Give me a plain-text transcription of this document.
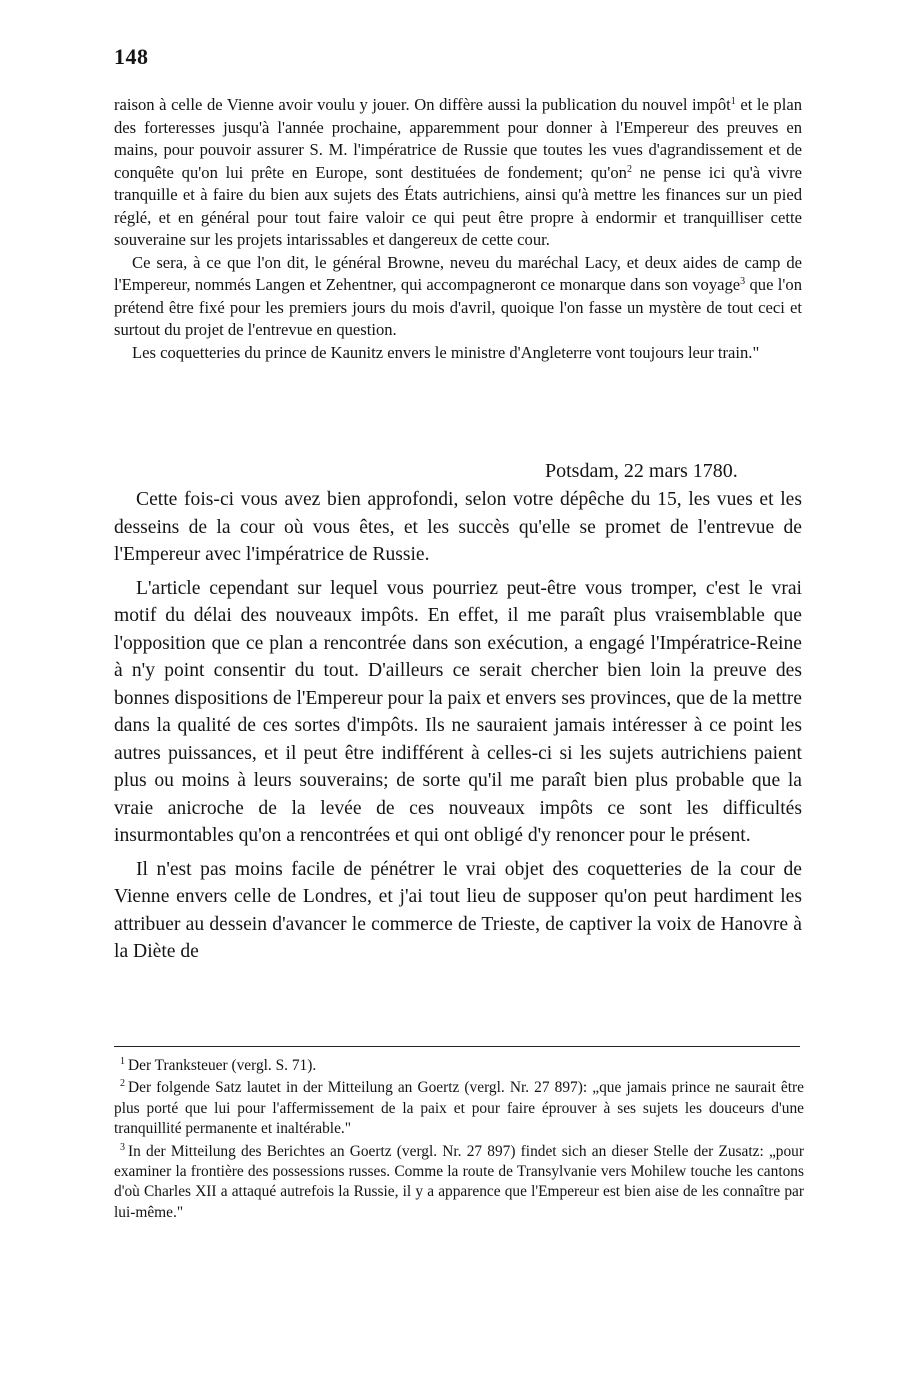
148

raison à celle de Vienne avoir voulu y jouer. On diffère aussi la publication du nouvel impôt$^1$ et le plan des forteresses jusqu'à l'année prochaine, apparemment pour donner à l'Empereur des preuves en mains, pour pouvoir assurer S. M. l'impératrice de Russie que toutes les vues d'agrandissement et de conquête qu'on lui prête en Europe, sont destituées de fondement; $qu'on^2$ ne pense ici qu'à vivre tranquille et à faire du bien aux sujets des États autrichiens, ainsi qu'à mettre les finances sur un pied réglé, et en général pour tout faire valoir ce qui peut être propre à endormir et tranquilliser cette souveraine sur les projets intarissables et dangereux de cette cour.

Ce sera, à ce que l'on dit, le général Browne, neveu du maréchal Lacy, et deux aides de camp de l'Empereur, nommés Langen et Zehentner, qui accompagneront ce monarque dans son voyage$^3$ que l'on prétend être fixé pour les premiers jours du mois d'avril, quoique l'on fasse un mystère de tout ceci et surtout du projet de l'entrevue en question.

Les coquetteries du prince de Kaunitz envers le ministre d'Angleterre vont toujours leur train."

Potsdam, 22 mars 1780.

Cette fois-ci vous avez bien approfondi, selon votre dépêche du 15, les vues et les desseins de la cour où vous êtes, et les succès qu'elle se promet de l'entrevue de l'Empereur avec l'impératrice de Russie.

L'article cependant sur lequel vous pourriez peut-être vous tromper, c'est le vrai motif du délai des nouveaux impôts. En effet, il me paraît plus vraisemblable que l'opposition que ce plan a rencontrée dans son exécution, a engagé l'Impératrice-Reine à n'y point consentir du tout. D'ailleurs ce serait chercher bien loin la preuve des bonnes dispositions de l'Empereur pour la paix et envers ses provinces, que de la mettre dans la qualité de ces sortes d'impôts. Ils ne sauraient jamais intéresser à ce point les autres puissances, et il peut être indifférent à celles-ci si les sujets autrichiens paient plus ou moins à leurs souverains; de sorte qu'il me paraît bien plus probable que la vraie anicroche de la levée de ces nouveaux impôts ce sont les difficultés insurmontables qu'on a rencontrées et qui ont obligé d'y renoncer pour le présent.

Il n'est pas moins facile de pénétrer le vrai objet des coquetteries de la cour de Vienne envers celle de Londres, et j'ai tout lieu de supposer qu'on peut hardiment les attribuer au dessein d'avancer le commerce de Trieste, de captiver la voix de Hanovre à la Diète de

$^1$ Der Tranksteuer (vergl. S. 71).

$^2$ Der folgende Satz lautet in der Mitteilung an Goertz (vergl. Nr. 27 897): „que jamais prince ne saurait être plus porté que lui pour l'affermissement de la paix et pour faire éprouver à ses sujets les douceurs d'une tranquillité permanente et inaltérable."

$^3$ In der Mitteilung des Berichtes an Goertz (vergl. Nr. 27 897) findet sich an dieser Stelle der Zusatz: „pour examiner la frontière des possessions russes. Comme la route de Transylvanie vers Mohilew touche les cantons d'où Charles XII a attaqué autrefois la Russie, il y a apparence que l'Empereur est bien aise de les connaître par lui-même."
